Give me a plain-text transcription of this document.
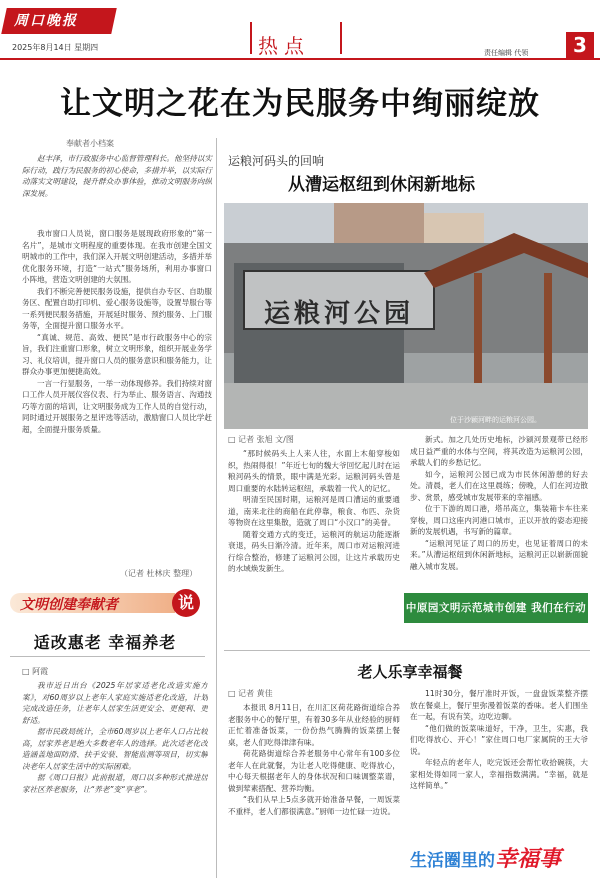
周口晚报
2025年8月14日 星期四	热点	责任编辑 代领	3
让文明之花在为民服务中绚丽绽放
奉献者小档案
赵丰泽，市行政服务中心监督管理科长。他坚持以实际行动，践行为民服务的初心使命，多措并举，以实际行动落实文明建设，提升群众办事体验，推动文明服务向纵深发展。

我市窗口人员说，窗口服务是展现政府形象的“第一名片”，是城市文明程度的重要体现。在我市创建全国文明城市的工作中，我们深入开展文明创建活动，多措并举优化服务环境，打造“一站式”服务场所，利用办事窗口小阵地，营造文明创建的大氛围。

我们不断完善便民服务设施，提供自办专区、自助服务区、配置自助打印机、爱心服务设施等，设置导服台等一系列便民服务措施，开展延时服务、预约服务、上门服务等，全面提升窗口服务水平。

“真诚、规范、高效、便民”是市行政服务中心的宗旨，我们注重窗口形象，树立文明形象，组织开展业务学习、礼仪培训，提升窗口人员的服务意识和服务能力，让群众办事更加便捷高效。

一言一行显服务，一举一动体现修养。我们持续对窗口工作人员开展仪容仪表、行为举止、服务语言、沟通技巧等方面的培训，让文明服务成为工作人员的自觉行动，同时通过开展服务之星评选等活动，激励窗口人员比学赶超，全面提升服务质量。

（记者 杜林庆 整理）
文明创建奉献者	说
适改惠老 幸福养老
□ 阿霞

我市近日出台《2025年居家适老化改造实施方案》，对60周岁以上老年人家庭实施适老化改造，计划完成改造任务，让老年人居家生活更安全、更便利、更舒适。

据市民政局统计，全市60周岁以上老年人口占比较高，居家养老是绝大多数老年人的选择。此次适老化改造涵盖地面防滑、扶手安装、智能监测等项目，切实解决老年人居家生活中的实际困难。

据《周口日报》此前报道，周口以多种形式推进居家社区养老服务，让“养老”变“享老”。

运粮河码头的回响
从漕运枢纽到休闲新地标
运粮河公园
位于沙颍河畔的运粮河公园。
□ 记者 张旭 文/图

“那时候码头上人来人往，水面上木船穿梭如织，热闹得很！”年近七旬的魏大爷回忆起儿时在运粮河码头的情景，眼中满是光彩。运粮河码头曾是周口重要的水陆转运枢纽，承载着一代人的记忆。

明清至民国时期，运粮河是周口漕运的重要通道，南来北往的商船在此停靠，粮食、布匹、杂货等物资在这里集散，造就了周口“小汉口”的美誉。

随着交通方式的变迁，运粮河的航运功能逐渐衰退，码头日渐冷清。近年来，周口市对运粮河进行综合整治，修建了运粮河公园，让这片承载历史的水域焕发新生。

新式。加之几处历史地标，沙颍河景观带已经形成日益严重的水体与空间，将其改造为运粮河公园，承载人们的乡愁记忆。

如今，运粮河公园已成为市民休闲游憩的好去处。清晨，老人们在这里晨练；傍晚，人们在河边散步、赏景，感受城市发展带来的幸福感。

位于下游的周口港，塔吊高立，集装箱卡车往来穿梭，周口这座内河港口城市，正以开放的姿态迎接新的发展机遇，书写新的篇章。

“运粮河见证了周口的历史，也见证着周口的未来。”从漕运枢纽到休闲新地标，运粮河正以崭新面貌融入城市发展。

中原园文明示范城市创建 我们在行动
老人乐享幸福餐
□ 记者 黄佳

本报讯 8月11日，在川汇区荷花路街道综合养老服务中心的餐厅里，有着30多年从业经验的厨师正忙着准备饭菜，一份份热气腾腾的饭菜摆上餐桌，老人们吃得津津有味。

荷花路街道综合养老服务中心常年有100多位老年人在此就餐，为让老人吃得健康、吃得放心，中心每天根据老年人的身体状况和口味调整菜谱，做到荤素搭配、营养均衡。

“我们从早上5点多就开始准备早餐，一周饭菜不重样，老人们都很满意。”厨师一边忙碌一边说。

11时30分，餐厅准时开饭，一盘盘饭菜整齐摆放在餐桌上，餐厅里弥漫着饭菜的香味。老人们围坐在一起，有说有笑，边吃边聊。

“他们做的饭菜味道好，干净，卫生，实惠，我们吃得放心、开心！”家住周口电厂家属院的王大爷说。

年轻点的老年人，吃完饭还会帮忙收拾碗筷，大家相处得如同一家人，幸福指数满满。“幸福，就是这样简单。”

生活圈里的幸福事
